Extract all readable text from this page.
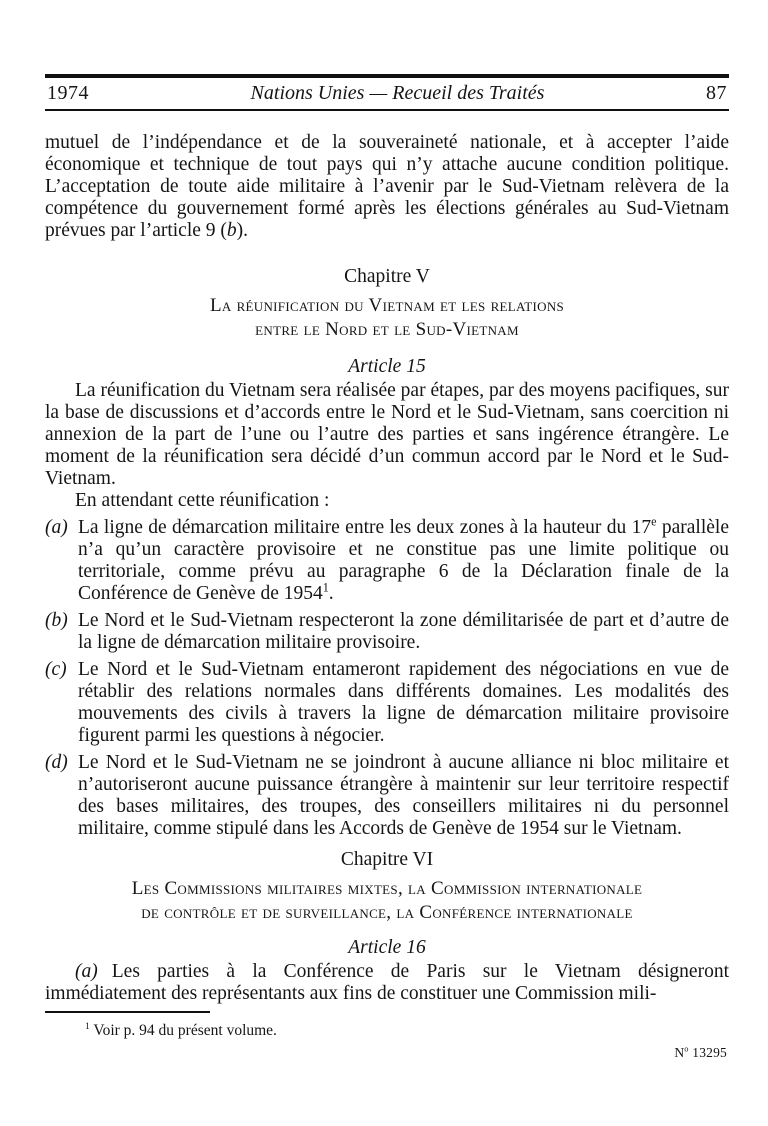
1974	Nations Unies — Recueil des Traités	87

mutuel de l’indépendance et de la souveraineté nationale, et à accepter l’aide économique et technique de tout pays qui n’y attache aucune condition politique. L’acceptation de toute aide militaire à l’avenir par le Sud-Vietnam relèvera de la compétence du gouvernement formé après les élections générales au Sud-Vietnam prévues par l’article 9 (b).

Chapitre V
La réunification du Vietnam et les relations
entre le Nord et le Sud-Vietnam
Article 15

La réunification du Vietnam sera réalisée par étapes, par des moyens pacifiques, sur la base de discussions et d’accords entre le Nord et le Sud-Vietnam, sans coercition ni annexion de la part de l’une ou l’autre des parties et sans ingérence étrangère. Le moment de la réunification sera décidé d’un commun accord par le Nord et le Sud-Vietnam.

En attendant cette réunification :

(a) La ligne de démarcation militaire entre les deux zones à la hauteur du 17e parallèle n’a qu’un caractère provisoire et ne constitue pas une limite politique ou territoriale, comme prévu au paragraphe 6 de la Déclaration finale de la Conférence de Genève de 1954$^1$.
(b) Le Nord et le Sud-Vietnam respecteront la zone démilitarisée de part et d’autre de la ligne de démarcation militaire provisoire.
(c) Le Nord et le Sud-Vietnam entameront rapidement des négociations en vue de rétablir des relations normales dans différents domaines. Les modalités des mouvements des civils à travers la ligne de démarcation militaire provisoire figurent parmi les questions à négocier.
(d) Le Nord et le Sud-Vietnam ne se joindront à aucune alliance ni bloc militaire et n’autoriseront aucune puissance étrangère à maintenir sur leur territoire respectif des bases militaires, des troupes, des conseillers militaires ni du personnel militaire, comme stipulé dans les Accords de Genève de 1954 sur le Vietnam.
Chapitre VI
Les Commissions militaires mixtes, la Commission internationale
de contrôle et de surveillance, la Conférence internationale
Article 16

(a) Les parties à la Conférence de Paris sur le Vietnam désigneront immédiatement des représentants aux fins de constituer une Commission mili-

$^1$ Voir p. 94 du présent volume.

$N^o$ 13295
